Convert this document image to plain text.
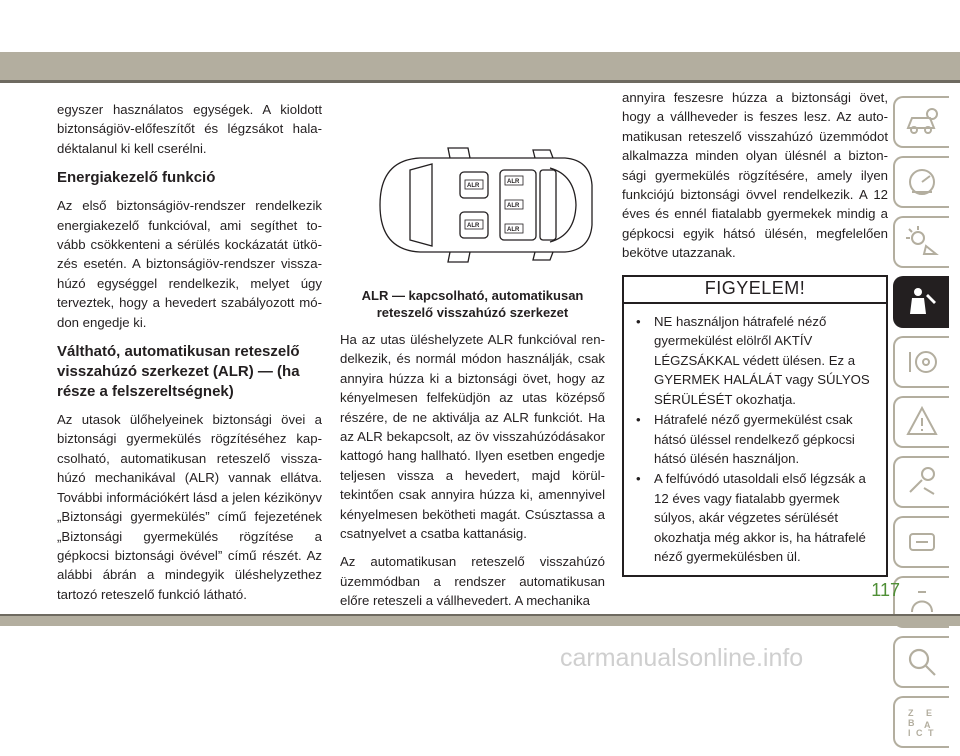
egyszer használatos egységek. A kioldott biztonságiöv-előfeszítőt és légzsákot haladéktalanul ki kell cserélni.

Energiakezelő funkció

Az első biztonságiöv-rendszer rendelkezik energiakezelő funkcióval, ami segíthet tovább csökkenteni a sérülés kockázatát ütközés esetén. A biztonságiöv-rendszer visszahúzó egységgel rendelkezik, melyet úgy terveztek, hogy a hevedert szabályozott módon engedje ki.

Váltható, automatikusan reteszelő visszahúzó szerkezet (ALR) — (ha része a felszereltségnek)

Az utasok ülőhelyeinek biztonsági övei a biztonsági gyermekülés rögzítéséhez kapcsolható, automatikusan reteszelő visszahúzó mechanikával (ALR) vannak ellátva. További információkért lásd a jelen kézikönyv „Biztonsági gyermekülés” című fejezetének „Biztonsági gyermekülés rögzítése a gépkocsi biztonsági övével” című részét. Az alábbi ábrán a mindegyik üléshelyzethez tartozó reteszelő funkció látható.

ALR
ALR
ALR
ALR
ALR
ALR — kapcsolható, automatikusan reteszelő visszahúzó szerkezet

Ha az utas üléshelyzete ALR funkcióval rendelkezik, és normál módon használják, csak annyira húzza ki a biztonsági övet, hogy az kényelmesen felfeküdjön az utas középső részére, de ne aktiválja az ALR funkciót. Ha az ALR bekapcsolt, az öv visszahúzódásakor kattogó hang hallható. Ilyen esetben engedje teljesen vissza a hevedert, majd körültekintően csak annyira húzza ki, amennyivel kényelmesen bekötheti magát. Csúsztassa a csatnyelvet a csatba kattanásig.

Az automatikusan reteszelő visszahúzó üzemmódban a rendszer automatikusan előre reteszeli a vállhevedert. A mechanika

annyira feszesre húzza a biztonsági övet, hogy a vállheveder is feszes lesz. Az automatikusan reteszelő visszahúzó üzemmódot alkalmazza minden olyan ülésnél a biztonsági gyermekülés rögzítésére, amely ilyen funkciójú biztonsági övvel rendelkezik. A 12 éves és ennél fiatalabb gyermekek mindig a gépkocsi egyik hátsó ülésén, megfelelően bekötve utazzanak.

FIGYELEM!
• NE használjon hátrafelé néző gyermekülést elölről AKTÍV LÉGZSÁKKAL védett ülésen. Ez a GYERMEK HALÁLÁT vagy SÚLYOS SÉRÜLÉSÉT okozhatja.
• Hátrafelé néző gyermekülést csak hátsó üléssel rendelkező gépkocsi hátsó ülésén használjon.
• A felfúvódó utasoldali első légzsák a 12 éves vagy fiatalabb gyermek súlyos, akár végzetes sérülését okozhatja még akkor is, ha hátrafelé néző gyermekülésben ül.
Z E
B A
I C T
117
carmanualsonline.info
